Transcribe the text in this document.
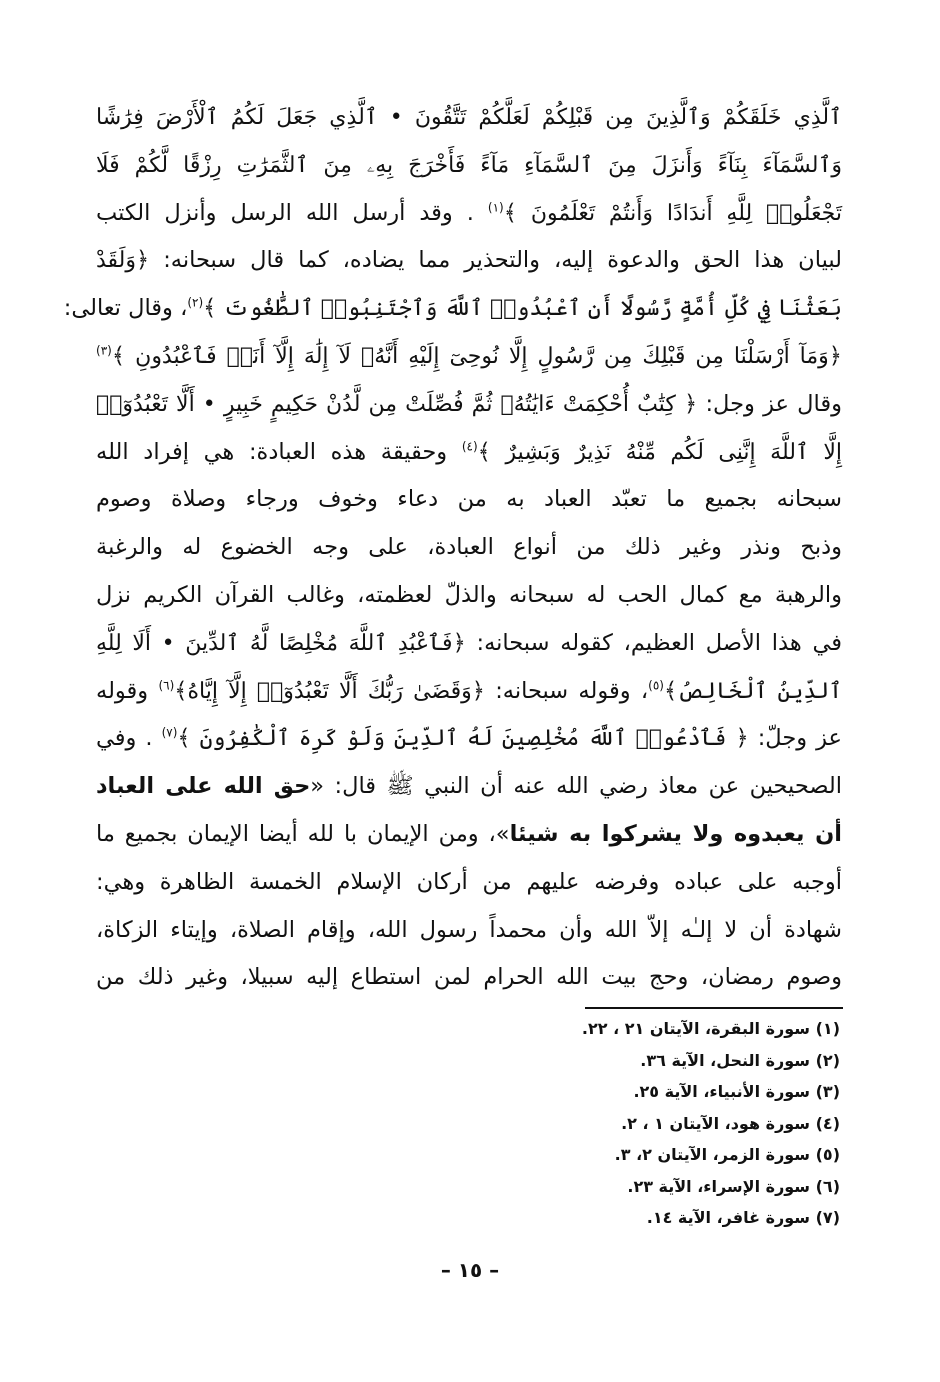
ٱلَّذِي خَلَقَكُمْ وَٱلَّذِينَ مِن قَبْلِكُمْ لَعَلَّكُمْ تَتَّقُونَ • ٱلَّذِي جَعَلَ لَكُمُ ٱلْأَرْضَ فِرَٰشًا
وَٱلسَّمَآءَ بِنَآءً وَأَنزَلَ مِنَ ٱلسَّمَآءِ مَآءً فَأَخْرَجَ بِهِۦ مِنَ ٱلثَّمَرَٰتِ رِزْقًا لَّكُمْ فَلَا
تَجْعَلُوا۟ لِلَّهِ أَندَادًا وَأَنتُمْ تَعْلَمُونَ ﴾$^{(١)}$ . وقد أرسل الله الرسل وأنزل الكتب
لبيان هذا الحق والدعوة إليه، والتحذير مما يضاده، كما قال سبحانه: ﴿وَلَقَدْ
بَعَثْنَا فِي كُلِّ أُمَّةٍ رَّسُولًا أَنِ ٱعْبُدُوا۟ ٱللَّهَ وَٱجْتَنِبُوا۟ ٱلطَّٰغُوتَ ﴾$^{(٢)}$، وقال تعالى:
﴿وَمَآ أَرْسَلْنَا مِن قَبْلِكَ مِن رَّسُولٍ إِلَّا نُوحِىٓ إِلَيْهِ أَنَّهُۥ لَآ إِلَٰهَ إِلَّآ أَنَا۠ فَٱعْبُدُونِ ﴾$^{(٣)}$
وقال عز وجل: ﴿ كِتَٰبٌ أُحْكِمَتْ ءَايَٰتُهُۥ ثُمَّ فُصِّلَتْ مِن لَّدُنْ حَكِيمٍ خَبِيرٍ • أَلَّا تَعْبُدُوٓا۟
إِلَّا ٱللَّهَ إِنَّنِى لَكُم مِّنْهُ نَذِيرٌ وَبَشِيرٌ ﴾$^{(٤)}$ وحقيقة هذه العبادة: هي إفراد الله
سبحانه بجميع ما تعبّد العباد به من دعاء وخوف ورجاء وصلاة وصوم
وذبح ونذر وغير ذلك من أنواع العبادة، على وجه الخضوع له والرغبة
والرهبة مع كمال الحب له سبحانه والذلّ لعظمته، وغالب القرآن الكريم نزل
في هذا الأصل العظيم، كقوله سبحانه: ﴿فَٱعْبُدِ ٱللَّهَ مُخْلِصًا لَّهُ ٱلدِّينَ • أَلَا لِلَّهِ
ٱلدِّينُ ٱلْخَالِصُ﴾$^{(٥)}$، وقوله سبحانه: ﴿وَقَضَىٰ رَبُّكَ أَلَّا تَعْبُدُوٓا۟ إِلَّآ إِيَّاهُ﴾$^{(٦)}$ وقوله
عز وجلّ: ﴿ فَٱدْعُوا۟ ٱللَّهَ مُخْلِصِينَ لَهُ ٱلدِّينَ وَلَوْ كَرِهَ ٱلْكَٰفِرُونَ ﴾$^{(٧)}$ . وفي
الصحيحين عن معاذ رضي الله عنه أن النبي ﷺ قال: «حق الله على العباد
أن يعبدوه ولا يشركوا به شيئا»، ومن الإيمان با لله أيضا الإيمان بجميع ما
أوجبه على عباده وفرضه عليهم من أركان الإسلام الخمسة الظاهرة وهي:
شهادة أن لا إلـٰه إلاّ الله وأن محمداً رسول الله، وإقام الصلاة، وإيتاء الزكاة،
وصوم رمضان، وحج بيت الله الحرام لمن استطاع إليه سبيلا، وغير ذلك من
(١) سورة البقرة، الآيتان ٢١ ، ٢٢.
(٢) سورة النحل، الآية ٣٦.
(٣) سورة الأنبياء، الآية ٢٥.
(٤) سورة هود، الآيتان ١ ، ٢.
(٥) سورة الزمر، الآيتان ٢، ٣.
(٦) سورة الإسراء، الآية ٢٣.
(٧) سورة غافر، الآية ١٤.
– ١٥ –
